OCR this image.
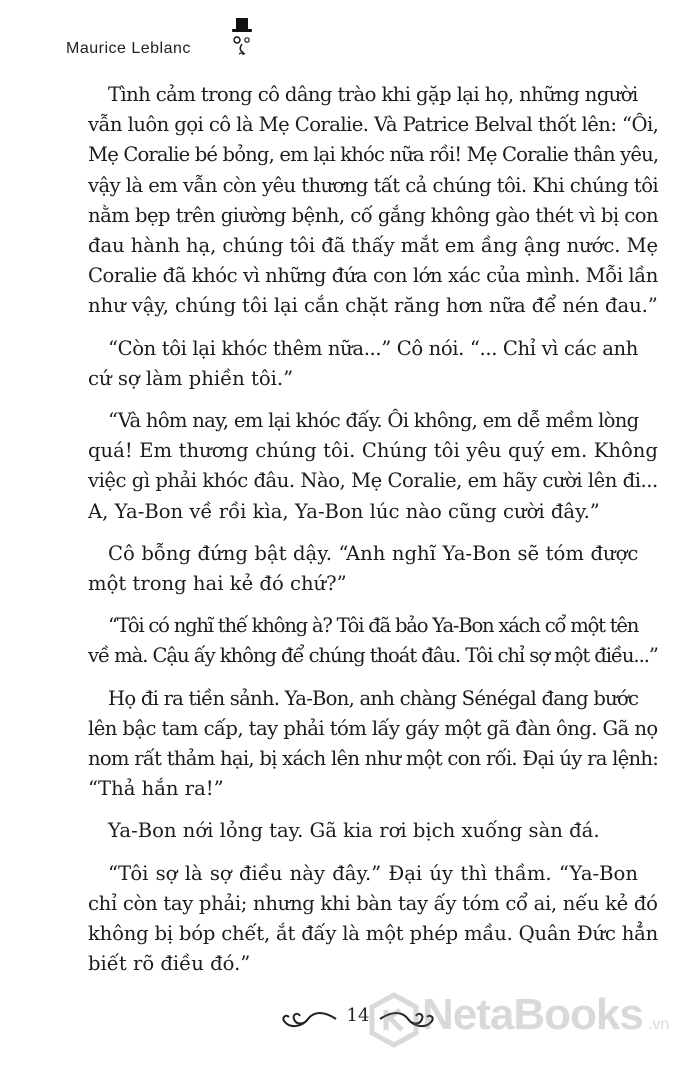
Maurice Leblanc

Tình cảm trong cô dâng trào khi gặp lại họ, những người
vẫn luôn gọi cô là Mẹ Coralie. Và Patrice Belval thốt lên: “Ôi,
Mẹ Coralie bé bỏng, em lại khóc nữa rồi! Mẹ Coralie thân yêu,
vậy là em vẫn còn yêu thương tất cả chúng tôi. Khi chúng tôi
nằm bẹp trên giường bệnh, cố gắng không gào thét vì bị con
đau hành hạ, chúng tôi đã thấy mắt em ầng ậng nước. Mẹ
Coralie đã khóc vì những đứa con lớn xác của mình. Mỗi lần
như vậy, chúng tôi lại cắn chặt răng hơn nữa để nén đau.”

“Còn tôi lại khóc thêm nữa...” Cô nói. “... Chỉ vì các anh
cứ sợ làm phiền tôi.”

“Và hôm nay, em lại khóc đấy. Ôi không, em dễ mềm lòng
quá! Em thương chúng tôi. Chúng tôi yêu quý em. Không
việc gì phải khóc đâu. Nào, Mẹ Coralie, em hãy cười lên đi...
A, Ya-Bon về rồi kìa, Ya-Bon lúc nào cũng cười đây.”

Cô bỗng đứng bật dậy. “Anh nghĩ Ya-Bon sẽ tóm được
một trong hai kẻ đó chứ?”

“Tôi có nghĩ thế không à? Tôi đã bảo Ya-Bon xách cổ một tên
về mà. Cậu ấy không để chúng thoát đâu. Tôi chỉ sợ một điều...”

Họ đi ra tiền sảnh. Ya-Bon, anh chàng Sénégal đang bước
lên bậc tam cấp, tay phải tóm lấy gáy một gã đàn ông. Gã nọ
nom rất thảm hại, bị xách lên như một con rối. Đại úy ra lệnh:
“Thả hắn ra!”

Ya-Bon nới lỏng tay. Gã kia rơi bịch xuống sàn đá.

“Tôi sợ là sợ điều này đây.” Đại úy thì thầm. “Ya-Bon
chỉ còn tay phải; nhưng khi bàn tay ấy tóm cổ ai, nếu kẻ đó
không bị bóp chết, ắt đấy là một phép mầu. Quân Đức hẳn
biết rõ điều đó.”

14 NetaBooks .vn
